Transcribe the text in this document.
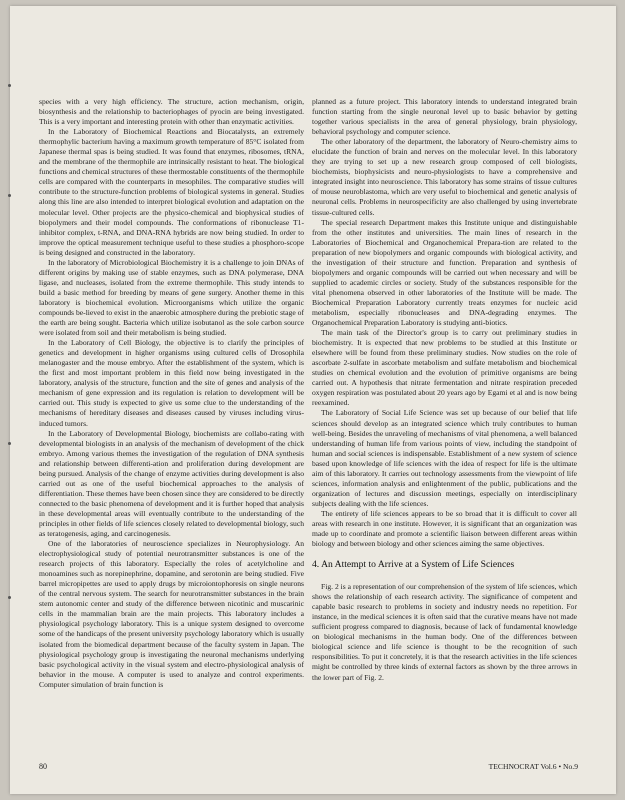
species with a very high efficiency. The structure, action mechanism, origin, biosynthesis and the relationship to bacteriophages of pyocin are being investigated. This is a very important and interesting protein with other than enzymatic activities.

In the Laboratory of Biochemical Reactions and Biocatalysts, an extremely thermophylic bacterium having a maximum growth temperature of 85°C isolated from Japanese thermal spas is being studied. It was found that enzymes, ribosomes, tRNA, and the membrane of the thermophile are intrinsically resistant to heat. The biological functions and chemical structures of these thermostable constituents of the thermophile cells are compared with the counterparts in mesophiles. The comparative studies will contribute to the structure-function problems of biological systems in general. Studies along this line are also intended to interpret biological evolution and adaptation on the molecular level. Other projects are the physico-chemical and biophysical studies of biopolymers and their model compounds. The conformations of ribonuclease T1-inhibitor complex, t-RNA, and DNA-RNA hybrids are now being studied. In order to improve the optical measurement technique useful to these studies a phosphoro-scope is being designed and constructed in the laboratory.

In the laboratory of Microbiological Biochemistry it is a challenge to join DNAs of different origins by making use of stable enzymes, such as DNA polymerase, DNA ligase, and nucleases, isolated from the extreme thermophile. This study intends to build a basic method for breeding by means of gene surgery. Another theme in this laboratory is biochemical evolution. Microorganisms which utilize the organic compounds be-lieved to exist in the anaerobic atmosphere during the prebiotic stage of the earth are being sought. Bacteria which utilize isobutanol as the sole carbon source were isolated from soil and their metabolism is being studied.

In the Laboratory of Cell Biology, the objective is to clarify the principles of genetics and development in higher organisms using cultured cells of Drosophila melanogaster and the mouse embryo. After the establishment of the system, which is the first and most important problem in this field now being investigated in the laboratory, analysis of the structure, function and the site of genes and analysis of the mechanism of gene expression and its regulation is relation to development will be carried out. This study is expected to give us some clue to the understanding of the mechanisms of hereditary diseases and diseases caused by viruses including virus-induced tumors.

In the Laboratory of Developmental Biology, biochemists are collabo-rating with developmental biologists in an analysis of the mechanism of development of the chick embryo. Among various themes the investigation of the regulation of DNA synthesis and relationship between differenti-ation and proliferation during development are being pursued. Analysis of the change of enzyme activities during development is also carried out as one of the useful biochemical approaches to the analysis of differentiation. These themes have been chosen since they are considered to be directly connected to the basic phenomena of development and it is further hoped that analysis in these developmental areas will eventually contribute to the understanding of the principles in other fields of life sciences closely related to developmental biology, such as teratogenesis, aging, and carcinogenesis.

One of the laboratories of neuroscience specializes in Neurophysiology. An electrophysiological study of potential neurotransmitter substances is one of the research projects of this laboratory. Especially the roles of acetylcholine and monoamines such as norepinephrine, dopamine, and serotonin are being studied. Five barrel micropipettes are used to apply drugs by microiontophoresis on single neurons of the central nervous system. The search for neurotransmitter substances in the brain stem autonomic center and study of the difference between nicotinic and muscarinic cells in the mammalian brain are the main projects. This laboratory includes a physiological psychology laboratory. This is a unique system designed to overcome some of the handicaps of the present university psychology laboratory which is usually isolated from the biomedical department because of the faculty system in Japan. The physiological psychology group is investigating the neuronal mechanisms underlying basic psychological activity in the visual system and electro-physiological analysis of behavior in the mouse. A computer is used to analyze and control experiments. Computer simulation of brain function is

planned as a future project. This laboratory intends to understand integrated brain function starting from the single neuronal level up to basic behavior by getting together various specialists in the area of general physiology, brain physiology, behavioral psychology and computer science.

The other laboratory of the department, the laboratory of Neuro-chemistry aims to elucidate the function of brain and nerves on the molecular level. In this laboratory they are trying to set up a new research group composed of cell biologists, biochemists, biophysicists and neuro-physiologists to have a comprehensive and integrated insight into neuroscience. This laboratory has some strains of tissue cultures of mouse neuroblastoma, which are very useful to biochemical and genetic analysis of neuronal cells. Problems in neurospecificity are also challenged by using invertebrate tissue-cultured cells.

The special research Department makes this Institute unique and distinguishable from the other institutes and universities. The main lines of research in the Laboratories of Biochemical and Organochemical Prepara-tion are related to the preparation of new biopolymers and organic compounds with biological activity, and the investigation of their structure and function. Preparation and synthesis of biopolymers and organic compounds will be carried out when necessary and will be supplied to academic circles or society. Study of the substances responsible for the vital phenomena observed in other laboratories of the Institute will be made. The Biochemical Preparation Laboratory currently treats enzymes for nucleic acid metabolism, especially ribonucleases and DNA-degrading enzymes. The Organochemical Preparation Laboratory is studying anti-biotics.

The main task of the Director's group is to carry out preliminary studies in biochemistry. It is expected that new problems to be studied at this Institute or elsewhere will be found from these preliminary studies. Now studies on the role of ascorbate 2-sulfate in ascorbate metabolism and sulfate metabolism and biochemical studies on chemical evolution and the evolution of primitive organisms are being carried out. A hypothesis that nitrate fermentation and nitrate respiration preceded oxygen respiration was postulated about 20 years ago by Egami et al and is now being reexamined.

The Laboratory of Social Life Science was set up because of our belief that life sciences should develop as an integrated science which truly contributes to human well-being. Besides the unraveling of mechanisms of vital phenomena, a well balanced understanding of human life from various points of view, including the standpoint of human and social sciences is indispensable. Establishment of a new system of science based upon knowledge of life sciences with the idea of respect for life is the ultimate aim of this laboratory. It carries out technology assessments from the viewpoint of life sciences, information analysis and enlightenment of the public, publications and the organization of lectures and discussion meetings, especially on interdisciplinary subjects dealing with the life sciences.

The entirety of life sciences appears to be so broad that it is difficult to cover all areas with research in one institute. However, it is significant that an organization was made up to coordinate and promote a scientific liaison between different areas within biology and between biology and other sciences aiming the same objectives.

4. An Attempt to Arrive at a System of Life Sciences

Fig. 2 is a representation of our comprehension of the system of life sciences, which shows the relationship of each research activity. The significance of competent and capable basic research to problems in society and industry needs no repetition. For instance, in the medical sciences it is often said that the curative means have not made sufficient progress compared to diagnosis, because of lack of fundamental knowledge on biological mechanisms in the human body. One of the differences between biological science and life science is thought to be the recognition of such responsibilities. To put it concretely, it is that the research activities in the life sciences might be controlled by three kinds of external factors as shown by the three arrows in the lower part of Fig. 2.

80	TECHNOCRAT Vol.6 • No.9
